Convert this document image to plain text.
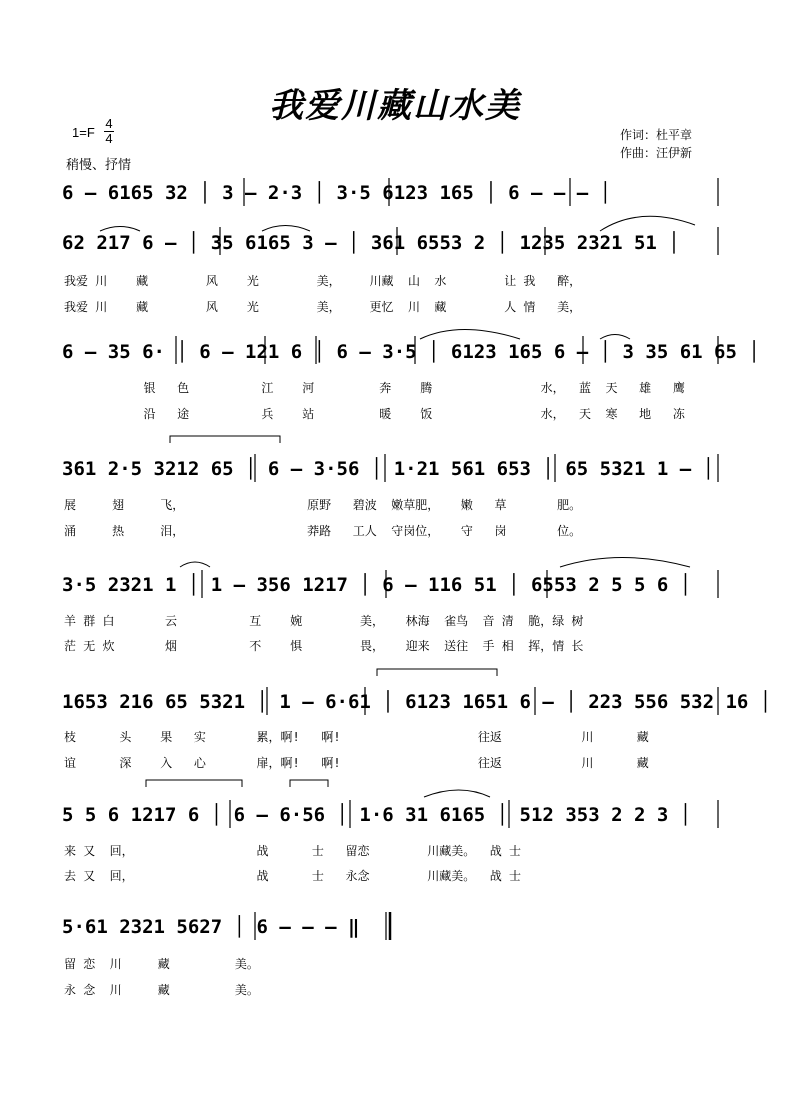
我爱川藏山水美
1=F
4
4
稍慢、抒情
作词：杜平章
作曲：汪伊新
6 – 6165 32 │ 3 – 2·3 │ 3·5 6123 165 │ 6 – – – │
62 217 6 – │ 35 6165 3 – │ 361 6553 2 │ 1235 2321 51 │
6 – 35 6· │ 6 – 121 6 │ 6 – 3·5 │ 6123 165 6 – │ 3 35 61 65 │
361 2·5 3212 65 │ 6 – 3·56 │ 1·21 561 653 │ 65 5321 1 – │
3·5 2321 1 │ 1 – 356 1217 │ 6 – 116 51 │ 6553 2 5 5 6 │
1653 216 65 5321 │ 1 – 6·61 │ 6123 1651 6 – │ 223 556 532 16 │
5 5 6 1217 6 │ 6 – 6·56 │ 1·6 31 6165 │ 512 353 2 2 3 │
5·61 2321 5627 │ 6 – – – ‖
我爱 川    藏        风    光        美，    川藏  山  水        让 我   醉，
我爱 川    藏        风    光        美，    更忆  川  藏        人 情   美，
银   色          江    河         奔    腾               水，  蓝  天   雄   鹰
沿   途          兵    站         暖    饭               水，  天  寒   地   冻
展     翅     飞，                 原野   碧波  嫩草肥，   嫩   草       肥。
涌     热     泪，                 莽路   工人  守岗位，   守   岗       位。
羊 群 白       云          互    婉        美，   林海  雀鸟  音 清  脆，绿 树
茫 无 炊       烟          不    惧        畏，   迎来  送往  手 相  挥，情 长
枝      头    果   实       累，啊!   啊!                   往返           川      藏
谊      深    入   心       扉，啊!   啊!                   往返           川      藏
来 又  回，                 战      士   留恋        川藏美。  战 士
去 又  回，                 战      士   永念        川藏美。  战 士
留 恋  川     藏         美。
永 念  川     藏         美。
